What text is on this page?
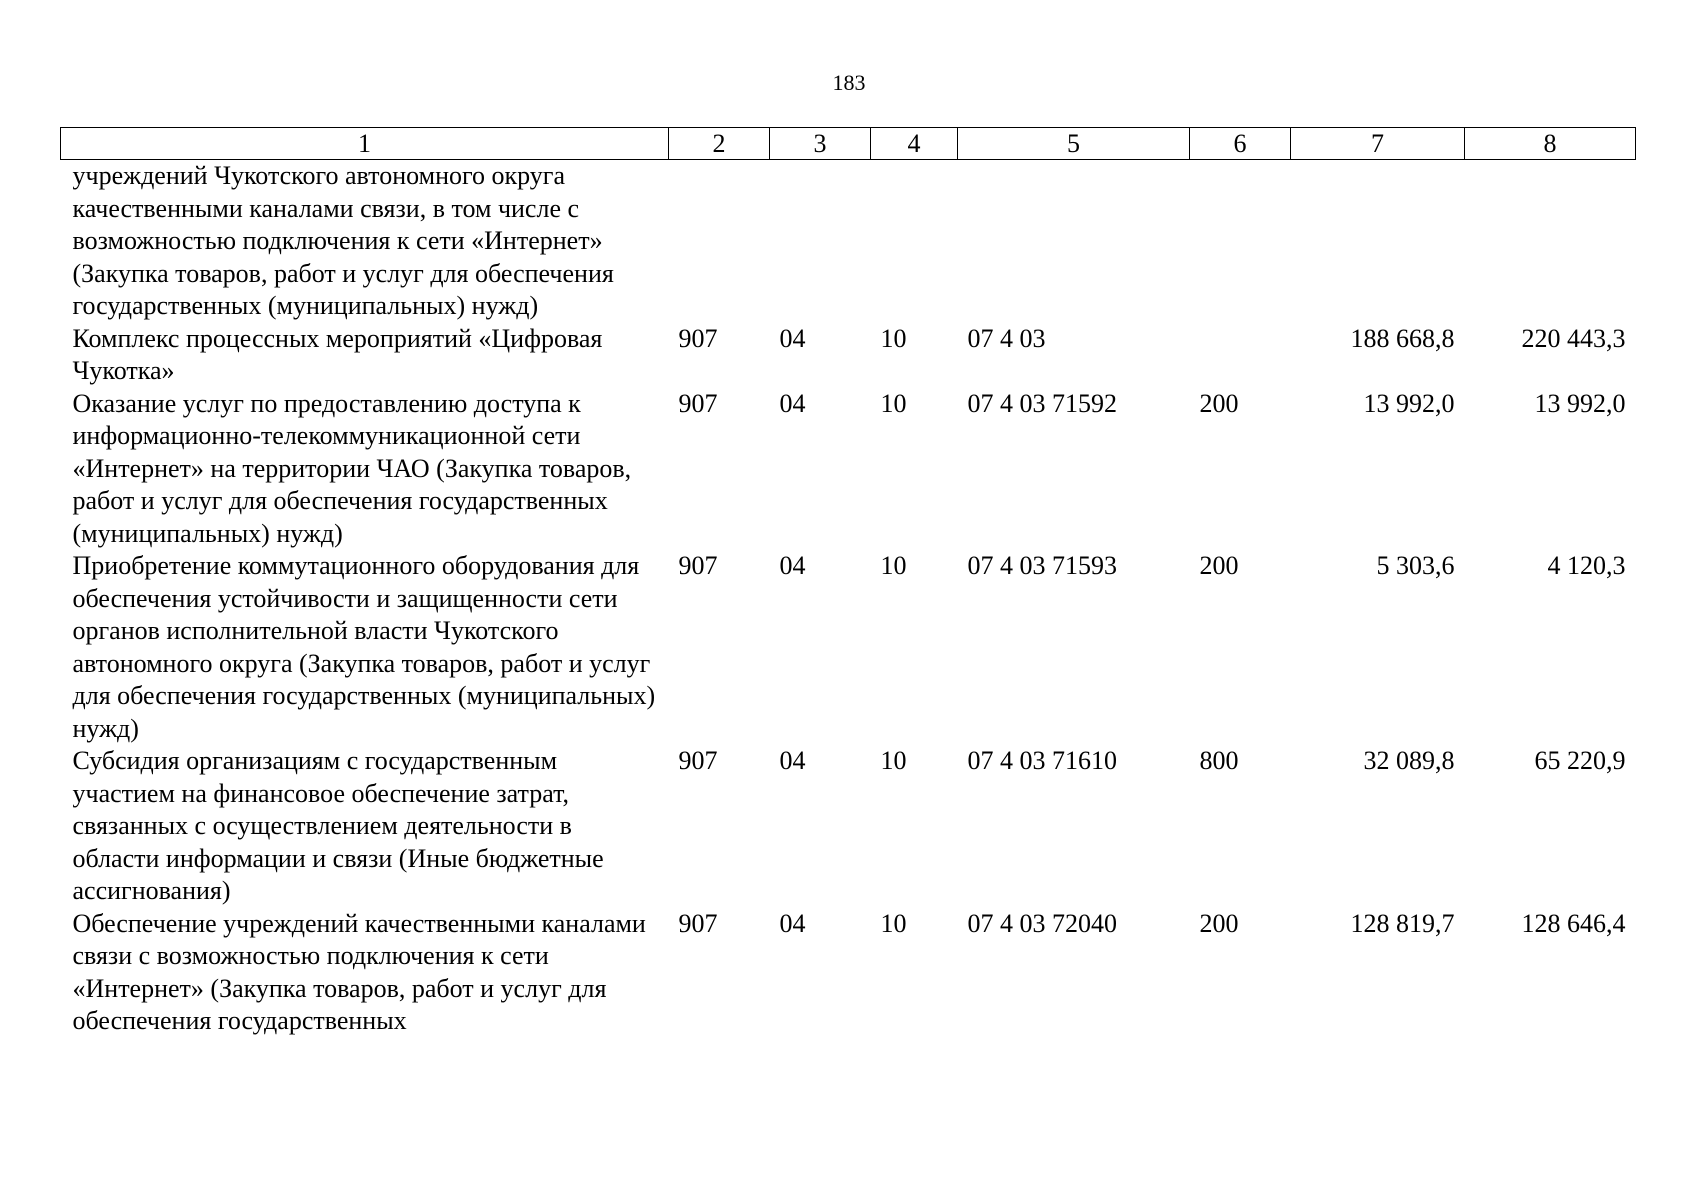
183
1	2	3	4	5	6	7	8
учреждений Чукотского автономного округа качественными каналами связи, в том числе с возможностью подключения к сети «Интернет» (Закупка товаров, работ и услуг для обеспечения государственных (муниципальных) нужд)							
Комплекс процессных мероприятий «Цифровая Чукотка»	907	04	10	07 4 03		188 668,8	220 443,3
Оказание услуг по предоставлению доступа к информационно-телекоммуникационной сети «Интернет» на территории ЧАО (Закупка товаров, работ и услуг для обеспечения государственных (муниципальных) нужд)	907	04	10	07 4 03 71592	200	13 992,0	13 992,0
Приобретение коммутационного оборудования для обеспечения устойчивости и защищенности сети органов исполнительной власти Чукотского автономного округа (Закупка товаров, работ и услуг для обеспечения государственных (муниципальных) нужд)	907	04	10	07 4 03 71593	200	5 303,6	4 120,3
Субсидия организациям с государственным участием на финансовое обеспечение затрат, связанных с осуществлением деятельности в области информации и связи (Иные бюджетные ассигнования)	907	04	10	07 4 03 71610	800	32 089,8	65 220,9
Обеспечение учреждений качественными каналами связи с возможностью подключения к сети «Интернет» (Закупка товаров, работ и услуг для обеспечения государственных	907	04	10	07 4 03 72040	200	128 819,7	128 646,4
